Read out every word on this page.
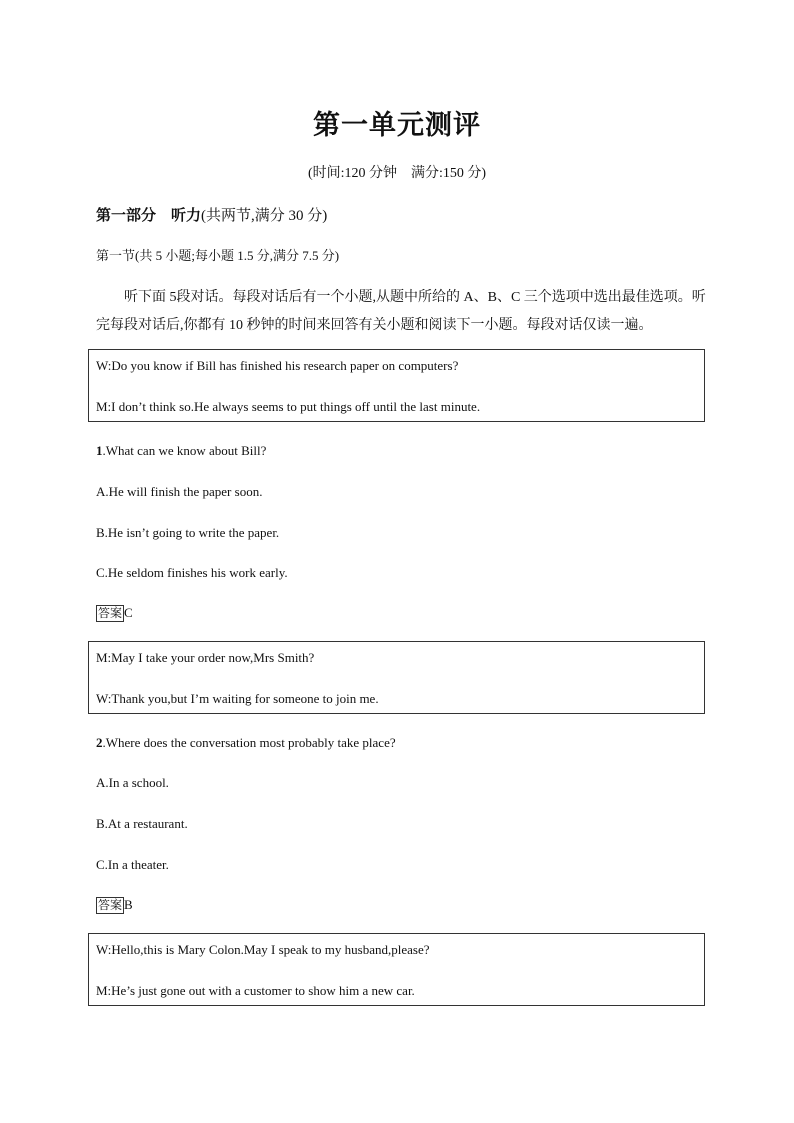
第一单元测评
(时间:120 分钟　满分:150 分)
第一部分　听力(共两节,满分 30 分)
第一节(共 5 小题;每小题 1.5 分,满分 7.5 分)
听下面 5段对话。每段对话后有一个小题,从题中所给的 A、B、C 三个选项中选出最佳选项。听完每段对话后,你都有 10 秒钟的时间来回答有关小题和阅读下一小题。每段对话仅读一遍。
W:Do you know if Bill has finished his research paper on computers?
M:I don’t think so.He always seems to put things off until the last minute.
1.What can we know about Bill?
A.He will finish the paper soon.
B.He isn’t going to write the paper.
C.He seldom finishes his work early.
答案 C
M:May I take your order now,Mrs Smith?
W:Thank you,but I’m waiting for someone to join me.
2.Where does the conversation most probably take place?
A.In a school.
B.At a restaurant.
C.In a theater.
答案 B
W:Hello,this is Mary Colon.May I speak to my husband,please?
M:He’s just gone out with a customer to show him a new car.
